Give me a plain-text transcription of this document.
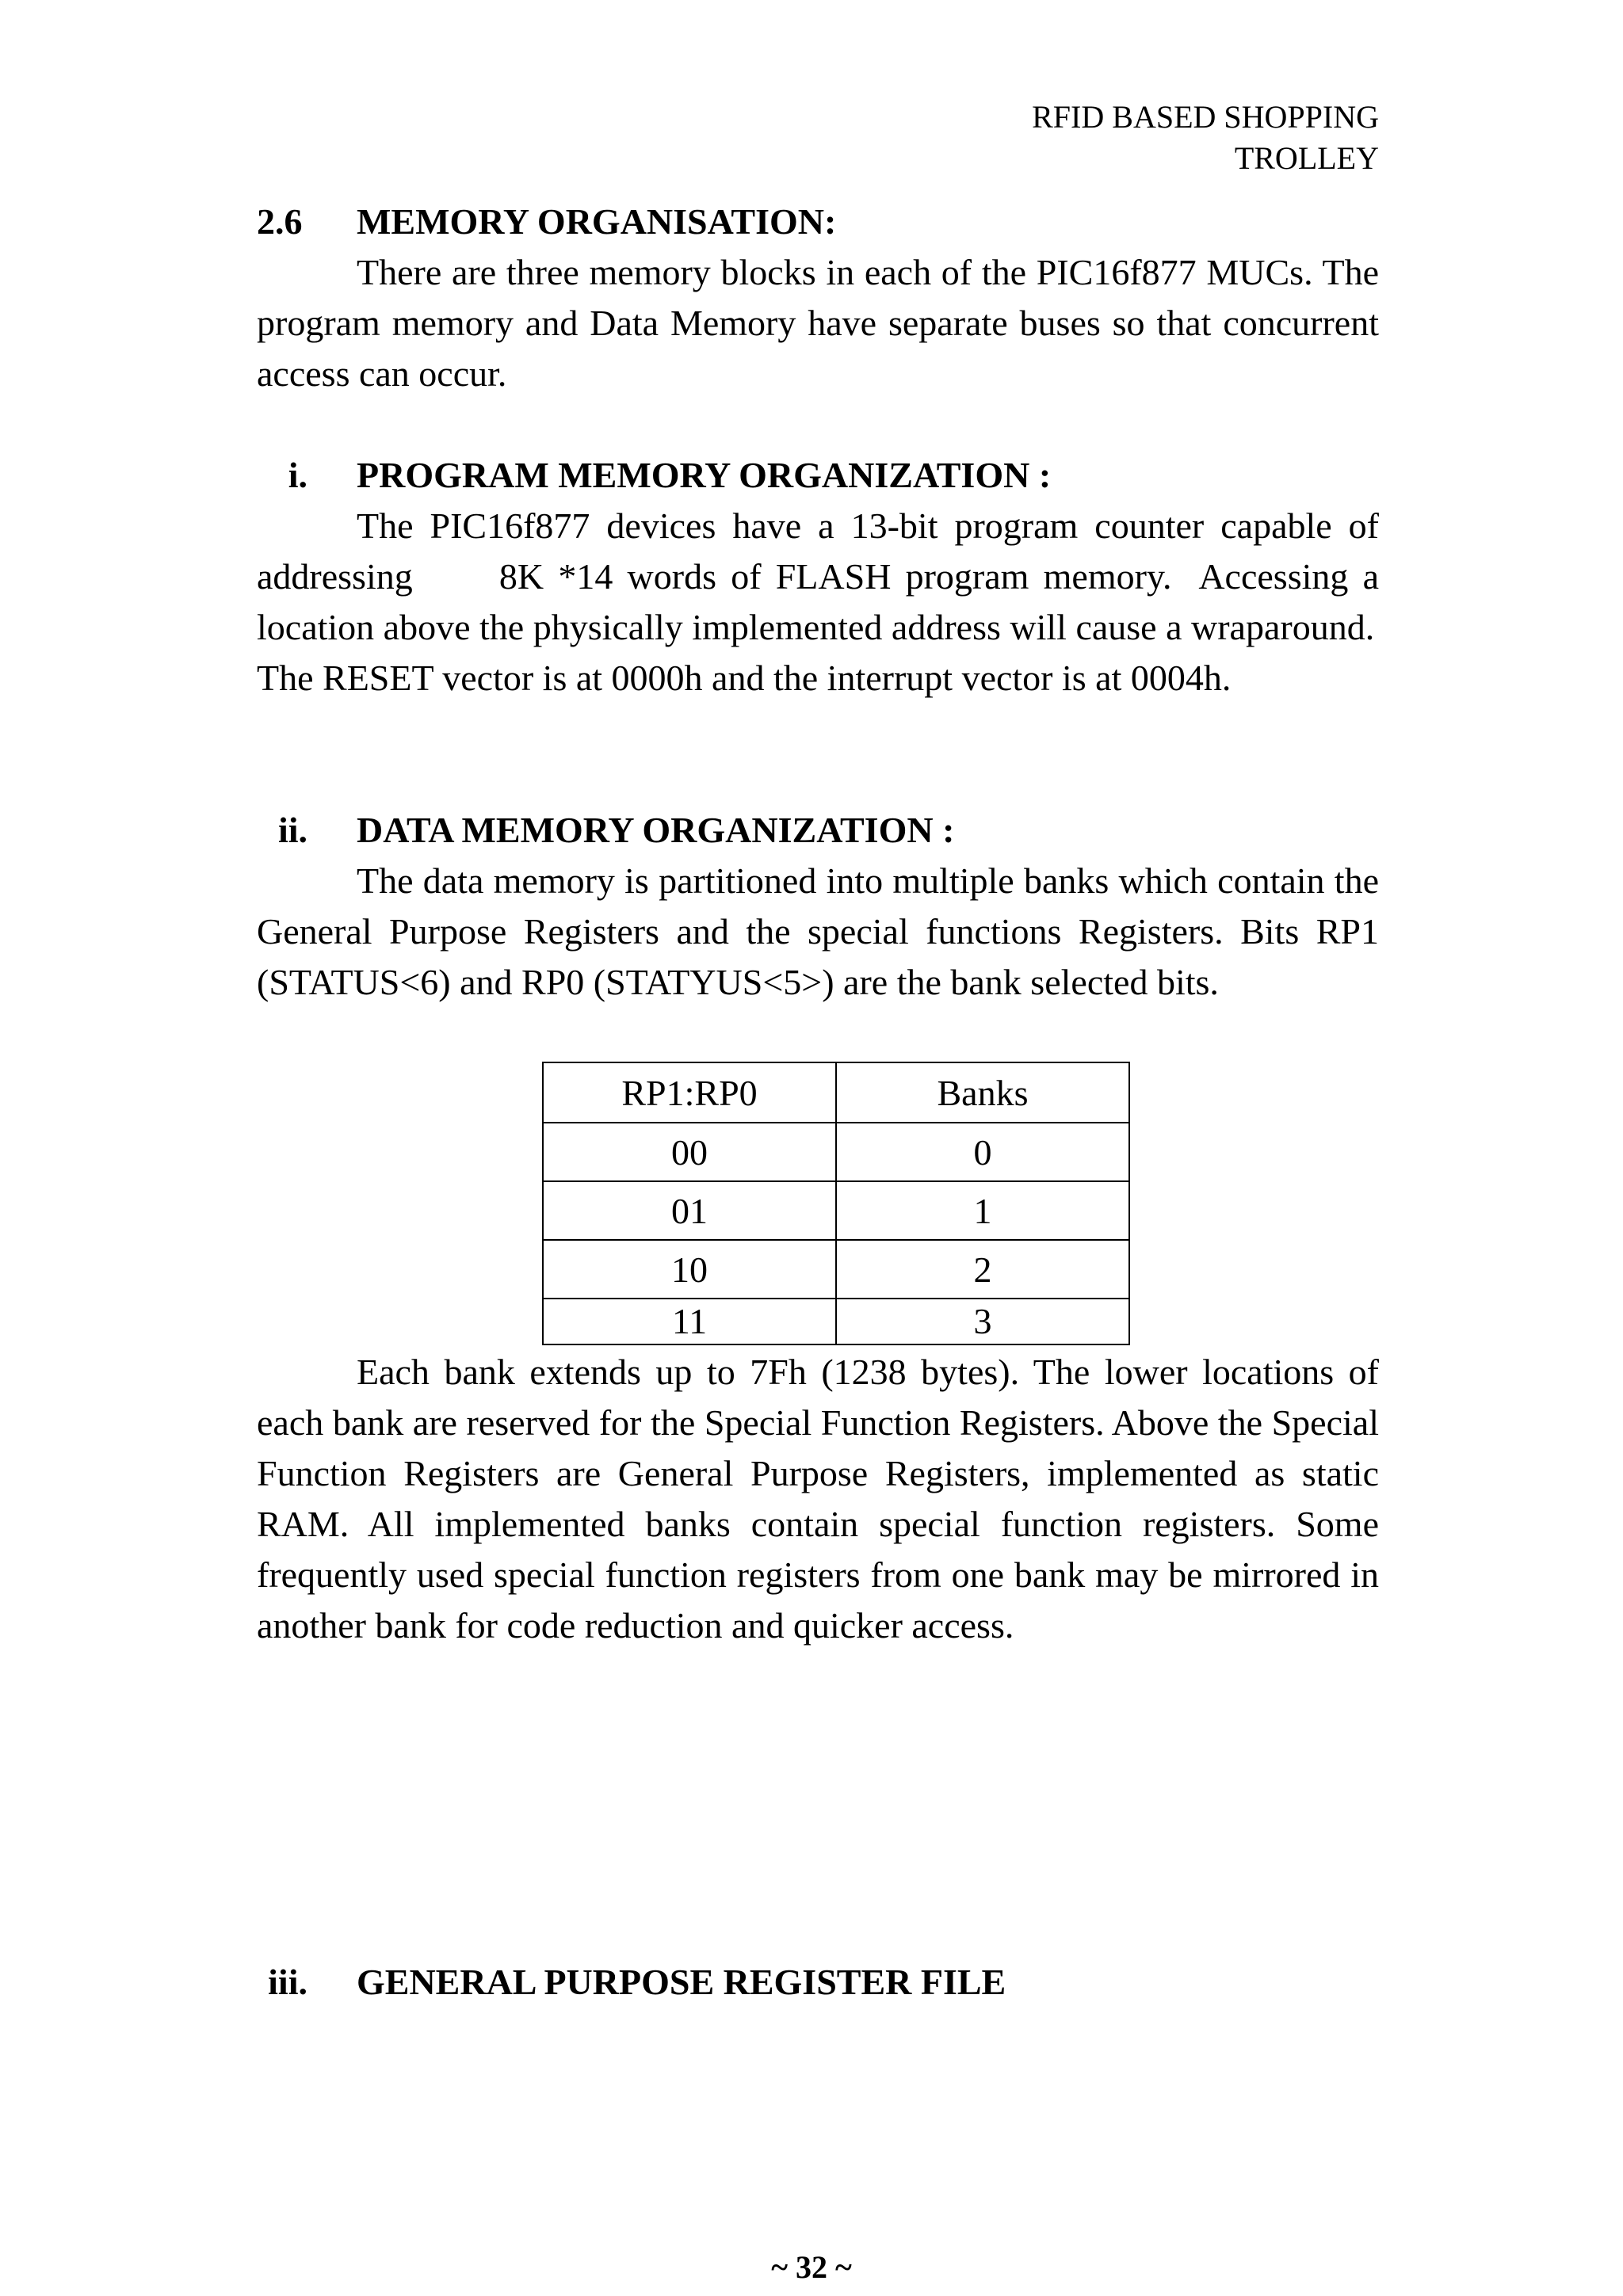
RFID BASED SHOPPING
TROLLEY
2.6 MEMORY ORGANISATION:

There are three memory blocks in each of the PIC16f877 MUCs. The program memory and Data Memory have separate buses so that concurrent access can occur.

i. PROGRAM MEMORY ORGANIZATION :

The PIC16f877 devices have a 13-bit program counter capable of addressing      8K *14 words of FLASH program memory.  Accessing a location above the physically implemented address will cause a wraparound.

The RESET vector is at 0000h and the interrupt vector is at 0004h.

ii. DATA MEMORY ORGANIZATION :

The data memory is partitioned into multiple banks which contain the General Purpose Registers and the special functions Registers. Bits RP1 (STATUS<6) and RP0 (STATYUS<5>) are the bank selected bits.

RP1:RP0	Banks
00	0
01	1
10	2
11	3

Each bank extends up to 7Fh (1238 bytes). The lower locations of each bank are reserved for the Special Function Registers. Above the Special Function Registers are General Purpose Registers, implemented as static RAM. All implemented banks contain special function registers. Some frequently used special function registers from one bank may be mirrored in another bank for code reduction and quicker access.

iii. GENERAL PURPOSE REGISTER FILE
~ 32 ~
